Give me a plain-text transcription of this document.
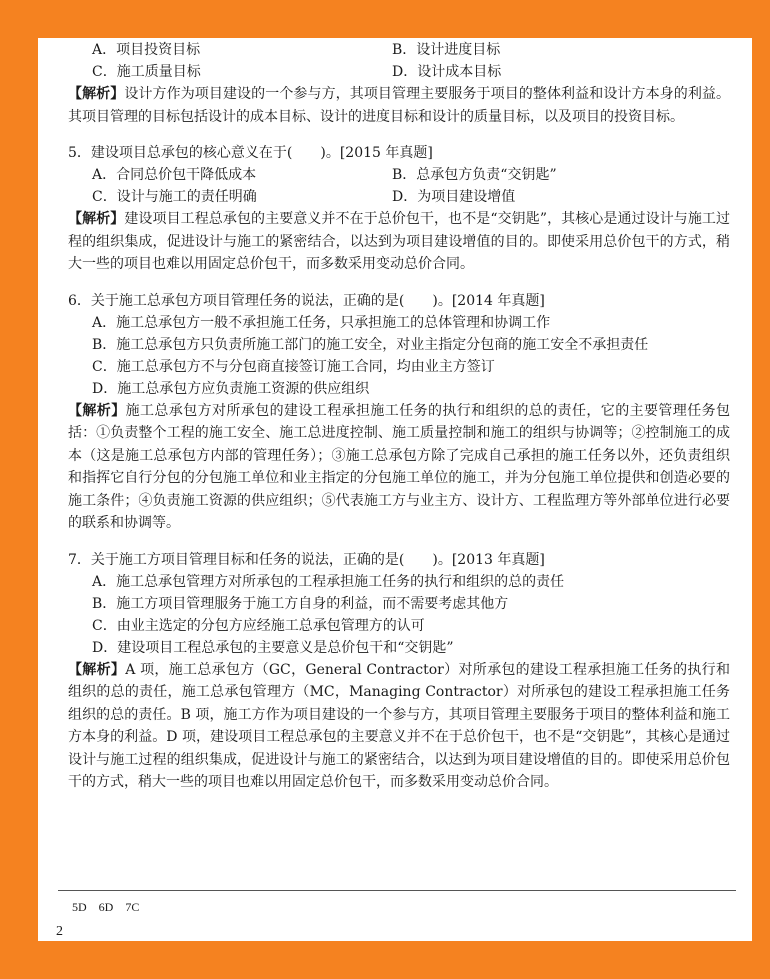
A．项目投资目标	B．设计进度目标
C．施工质量目标	D．设计成本目标
【解析】设计方作为项目建设的一个参与方，其项目管理主要服务于项目的整体利益和设计方本身的利益。其项目管理的目标包括设计的成本目标、设计的进度目标和设计的质量目标，以及项目的投资目标。
5．建设项目总承包的核心意义在于(　　)。[2015 年真题]
A．合同总价包干降低成本	B．总承包方负责“交钥匙”
C．设计与施工的责任明确	D．为项目建设增值
【解析】建设项目工程总承包的主要意义并不在于总价包干，也不是“交钥匙”，其核心是通过设计与施工过程的组织集成，促进设计与施工的紧密结合，以达到为项目建设增值的目的。即使采用总价包干的方式，稍大一些的项目也难以用固定总价包干，而多数采用变动总价合同。
6．关于施工总承包方项目管理任务的说法，正确的是(　　)。[2014 年真题]
A．施工总承包方一般不承担施工任务，只承担施工的总体管理和协调工作
B．施工总承包方只负责所施工部门的施工安全，对业主指定分包商的施工安全不承担责任
C．施工总承包方不与分包商直接签订施工合同，均由业主方签订
D．施工总承包方应负责施工资源的供应组织
【解析】施工总承包方对所承包的建设工程承担施工任务的执行和组织的总的责任，它的主要管理任务包括：①负责整个工程的施工安全、施工总进度控制、施工质量控制和施工的组织与协调等；②控制施工的成本（这是施工总承包方内部的管理任务）；③施工总承包方除了完成自己承担的施工任务以外，还负责组织和指挥它自行分包的分包施工单位和业主指定的分包施工单位的施工，并为分包施工单位提供和创造必要的施工条件；④负责施工资源的供应组织；⑤代表施工方与业主方、设计方、工程监理方等外部单位进行必要的联系和协调等。
7．关于施工方项目管理目标和任务的说法，正确的是(　　)。[2013 年真题]
A．施工总承包管理方对所承包的工程承担施工任务的执行和组织的总的责任
B．施工方项目管理服务于施工方自身的利益，而不需要考虑其他方
C．由业主选定的分包方应经施工总承包管理方的认可
D．建设项目工程总承包的主要意义是总价包干和“交钥匙”
【解析】A 项，施工总承包方（GC，General Contractor）对所承包的建设工程承担施工任务的执行和组织的总的责任，施工总承包管理方（MC，Managing Contractor）对所承包的建设工程承担施工任务组织的总的责任。B 项，施工方作为项目建设的一个参与方，其项目管理主要服务于项目的整体利益和施工方本身的利益。D 项，建设项目工程总承包的主要意义并不在于总价包干，也不是“交钥匙”，其核心是通过设计与施工过程的组织集成，促进设计与施工的紧密结合，以达到为项目建设增值的目的。即使采用总价包干的方式，稍大一些的项目也难以用固定总价包干，而多数采用变动总价合同。
5D　6D　7C
2
